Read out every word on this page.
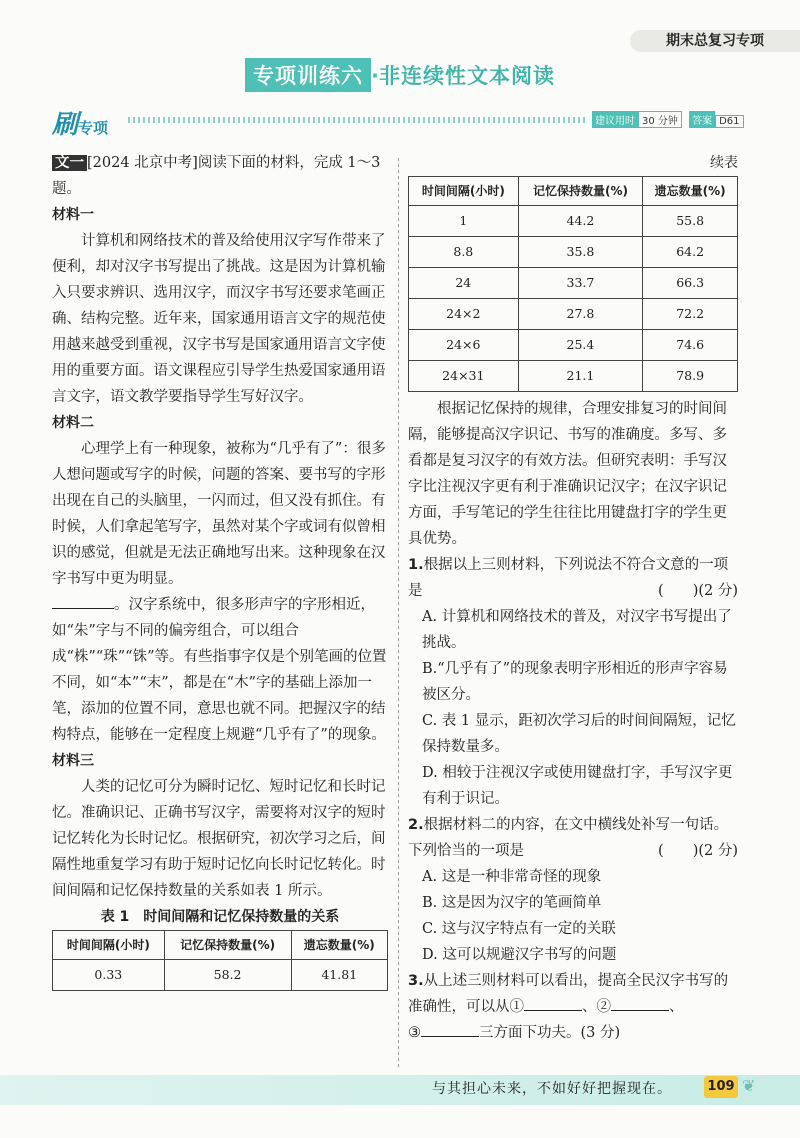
期末总复习专项
专项训练六 ·非连续性文本阅读
刷专项	建议用时 30 分钟 答案 D61

文一 [2024 北京中考]阅读下面的材料，完成 1～3 题。

材料一

计算机和网络技术的普及给使用汉字写作带来了便利，却对汉字书写提出了挑战。这是因为计算机输入只要求辨识、选用汉字，而汉字书写还要求笔画正确、结构完整。近年来，国家通用语言文字的规范使用越来越受到重视，汉字书写是国家通用语言文字使用的重要方面。语文课程应引导学生热爱国家通用语言文字，语文教学要指导学生写好汉字。

材料二

心理学上有一种现象，被称为“几乎有了”：很多人想问题或写字的时候，问题的答案、要书写的字形出现在自己的头脑里，一闪而过，但又没有抓住。有时候，人们拿起笔写字，虽然对某个字或词有似曾相识的感觉，但就是无法正确地写出来。这种现象在汉字书写中更为明显。

。汉字系统中，很多形声字的字形相近，如“朱”字与不同的偏旁组合，可以组合成“株”“珠”“铢”等。有些指事字仅是个别笔画的位置不同，如“本”“末”，都是在“木”字的基础上添加一笔，添加的位置不同，意思也就不同。把握汉字的结构特点，能够在一定程度上规避“几乎有了”的现象。

材料三

人类的记忆可分为瞬时记忆、短时记忆和长时记忆。准确识记、正确书写汉字，需要将对汉字的短时记忆转化为长时记忆。根据研究，初次学习之后，间隔性地重复学习有助于短时记忆向长时记忆转化。时间间隔和记忆保持数量的关系如表 1 所示。

表 1　时间间隔和记忆保持数量的关系

时间间隔(小时)	记忆保持数量(%)	遗忘数量(%)
0.33	58.2	41.81

续表

时间间隔(小时)	记忆保持数量(%)	遗忘数量(%)
1	44.2	55.8
8.8	35.8	64.2
24	33.7	66.3
24×2	27.8	72.2
24×6	25.4	74.6
24×31	21.1	78.9

根据记忆保持的规律，合理安排复习的时间间隔，能够提高汉字识记、书写的准确度。多写、多看都是复习汉字的有效方法。但研究表明：手写汉字比注视汉字更有利于准确识记汉字；在汉字识记方面，手写笔记的学生往往比用键盘打字的学生更具优势。

1.根据以上三则材料，下列说法不符合文意的一项是	(　　)(2 分)

A. 计算机和网络技术的普及，对汉字书写提出了挑战。

B.“几乎有了”的现象表明字形相近的形声字容易被区分。

C. 表 1 显示，距初次学习后的时间间隔短，记忆保持数量多。

D. 相较于注视汉字或使用键盘打字，手写汉字更有利于识记。

2.根据材料二的内容，在文中横线处补写一句话。下列恰当的一项是	(　　)(2 分)

A. 这是一种非常奇怪的现象

B. 这是因为汉字的笔画简单

C. 这与汉字特点有一定的关联

D. 这可以规避汉字书写的问题

3.从上述三则材料可以看出，提高全民汉字书写的准确性，可以从①	、②	、
③	三方面下功夫。(3 分)

与其担心未来，不如好好把握现在。	109 ❦
